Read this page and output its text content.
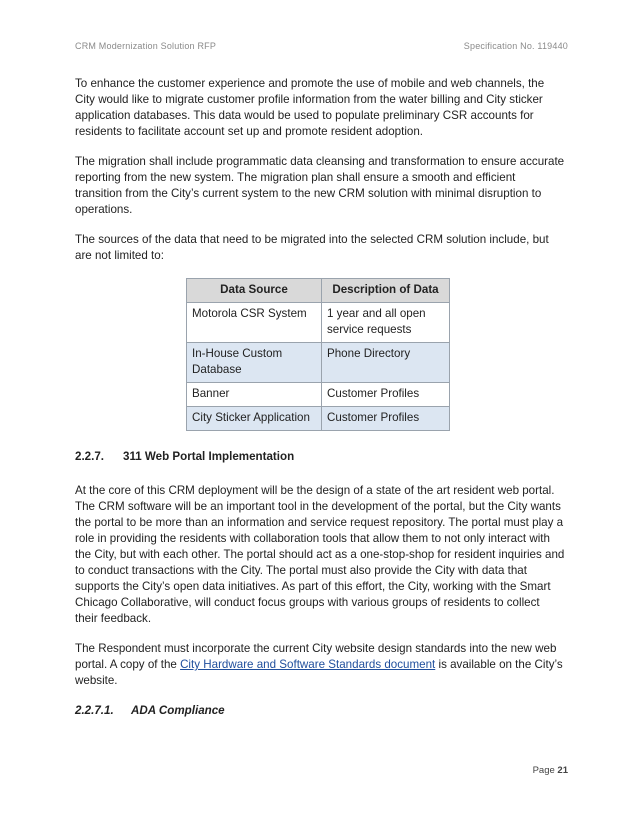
CRM Modernization Solution RFP	Specification No. 119440

To enhance the customer experience and promote the use of mobile and web channels, the City would like to migrate customer profile information from the water billing and City sticker application databases. This data would be used to populate preliminary CSR accounts for residents to facilitate account set up and promote resident adoption.

The migration shall include programmatic data cleansing and transformation to ensure accurate reporting from the new system. The migration plan shall ensure a smooth and efficient transition from the City’s current system to the new CRM solution with minimal disruption to operations.

The sources of the data that need to be migrated into the selected CRM solution include, but are not limited to:

Data Source	Description of Data
Motorola CSR System	1 year and all open service requests
In-House Custom Database	Phone Directory
Banner	Customer Profiles
City Sticker Application	Customer Profiles
2.2.7. 311 Web Portal Implementation

At the core of this CRM deployment will be the design of a state of the art resident web portal. The CRM software will be an important tool in the development of the portal, but the City wants the portal to be more than an information and service request repository. The portal must play a role in providing the residents with collaboration tools that allow them to not only interact with the City, but with each other. The portal should act as a one-stop-shop for resident inquiries and to conduct transactions with the City. The portal must also provide the City with data that supports the City’s open data initiatives. As part of this effort, the City, working with the Smart Chicago Collaborative, will conduct focus groups with various groups of residents to collect their feedback.

The Respondent must incorporate the current City website design standards into the new web portal. A copy of the City Hardware and Software Standards document is available on the City’s website.

2.2.7.1. ADA Compliance
Page 21
